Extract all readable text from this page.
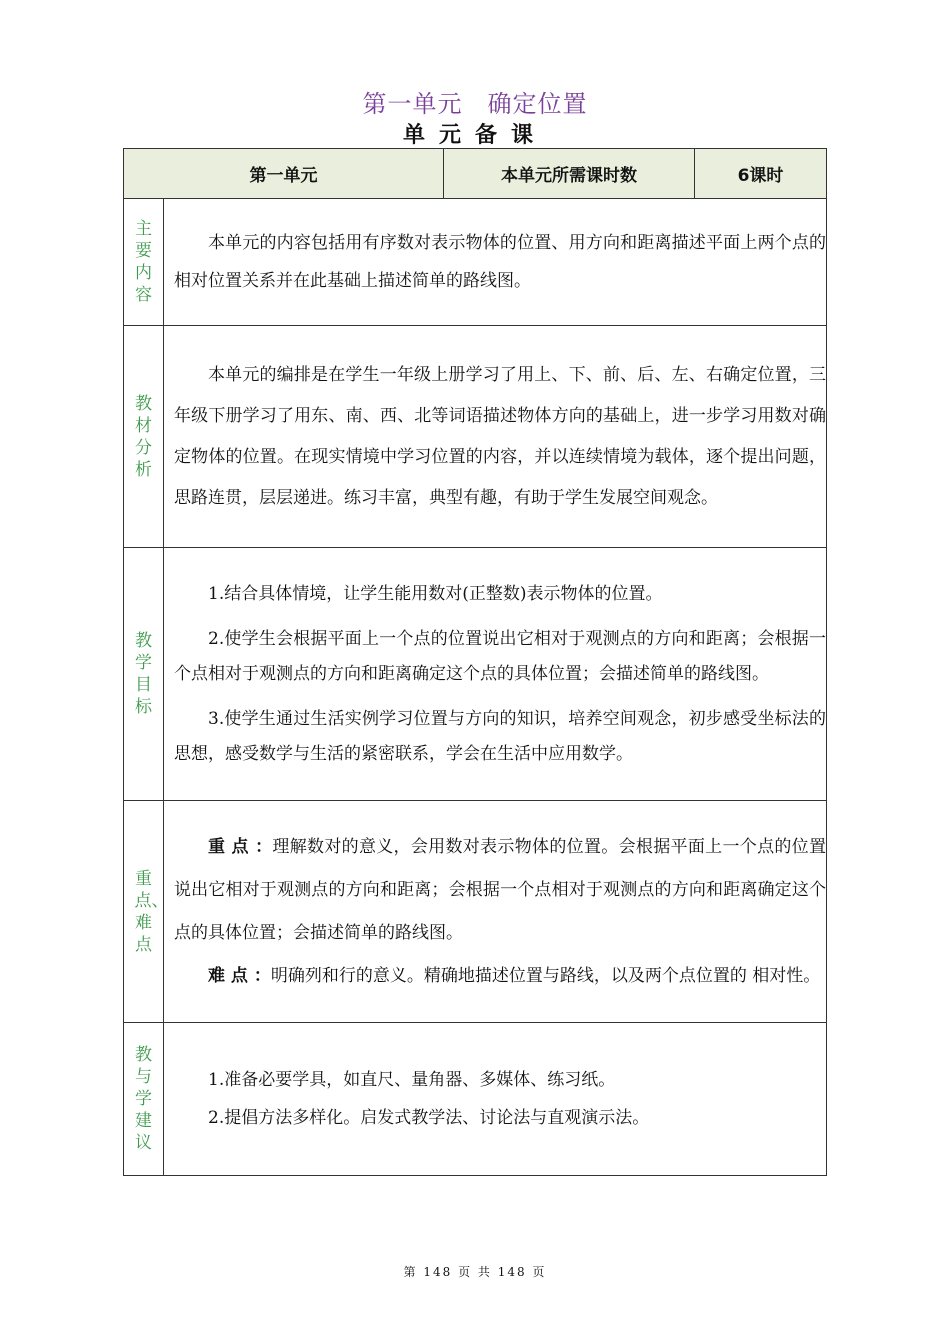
第一单元　确定位置
单元备课
第一单元		本单元所需课时数	6课时

主要内容	本单元的内容包括用有序数对表示物体的位置、用方向和距离描述平面上两个点的相对位置关系并在此基础上描述简单的路线图。		

教材分析	本单元的编排是在学生一年级上册学习了用上、下、前、后、左、右确定位置，三年级下册学习了用东、南、西、北等词语描述物体方向的基础上，进一步学习用数对确定物体的位置。在现实情境中学习位置的内容，并以连续情境为载体，逐个提出问题，思路连贯，层层递进。练习丰富，典型有趣，有助于学生发展空间观念。		

教学目标	1.结合具体情境，让学生能用数对(正整数)表示物体的位置。

2.使学生会根据平面上一个点的位置说出它相对于观测点的方向和距离；会根据一个点相对于观测点的方向和距离确定这个点的具体位置；会描述简单的路线图。

3.使学生通过生活实例学习位置与方向的知识，培养空间观念，初步感受坐标法的思想，感受数学与生活的紧密联系，学会在生活中应用数学。		

重点、难点	重 点 ：理解数对的意义，会用数对表示物体的位置。会根据平面上一个点的位置说出它相对于观测点的方向和距离；会根据一个点相对于观测点的方向和距离确定这个点的具体位置；会描述简单的路线图。

难 点 ：明确列和行的意义。精确地描述位置与路线，以及两个点位置的 相对性。		

教与学建议	1.准备必要学具，如直尺、量角器、多媒体、练习纸。

2.提倡方法多样化。启发式教学法、讨论法与直观演示法。		

第 148 页 共 148 页
